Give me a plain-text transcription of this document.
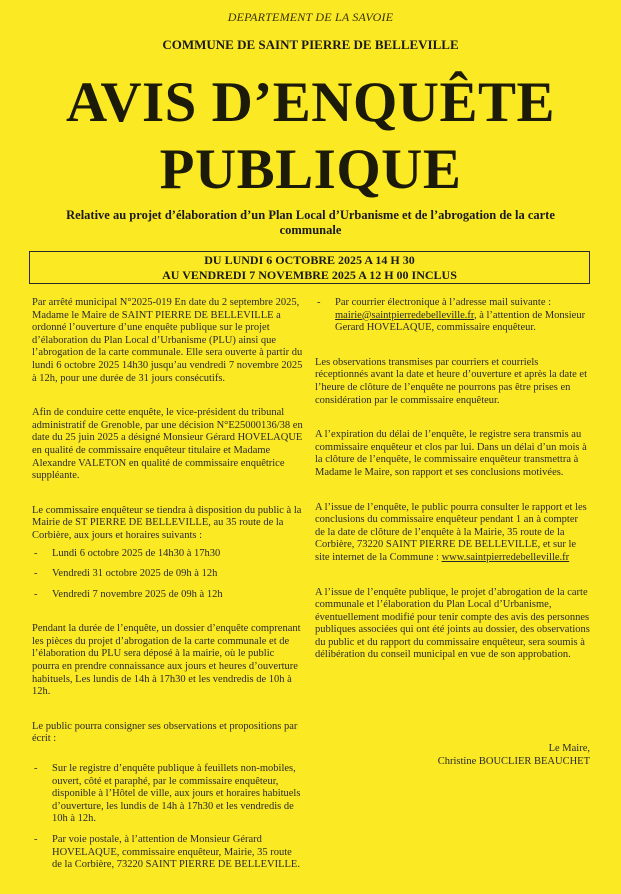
DEPARTEMENT DE LA SAVOIE
COMMUNE DE SAINT PIERRE DE BELLEVILLE
AVIS D’ENQUÊTE
PUBLIQUE
Relative au projet d’élaboration d’un Plan Local d’Urbanisme et de l’abrogation de la carte communale
DU LUNDI 6 OCTOBRE 2025 A 14 H 30
AU VENDREDI 7 NOVEMBRE 2025 A 12 H 00 INCLUS

Par arrêté municipal N°2025-019 En date du 2 septembre 2025, Madame le Maire de SAINT PIERRE DE BELLEVILLE a ordonné l’ouverture d’une enquête publique sur le projet d’élaboration du Plan Local d’Urbanisme (PLU) ainsi que l’abrogation de la carte communale. Elle sera ouverte à partir du lundi 6 octobre 2025 14h30 jusqu’au vendredi 7 novembre 2025 à 12h, pour une durée de 31 jours consécutifs.

Afin de conduire cette enquête, le vice-président du tribunal administratif de Grenoble, par une décision N°E25000136/38 en date du 25 juin 2025 a désigné Monsieur Gérard HOVELAQUE en qualité de commissaire enquêteur titulaire et Madame Alexandre VALETON en qualité de commissaire enquêtrice suppléante.

Le commissaire enquêteur se tiendra à disposition du public à la Mairie de ST PIERRE DE BELLEVILLE, au 35 route de la Corbière, aux jours et horaires suivants :

- Lundi 6 octobre 2025 de 14h30 à 17h30
- Vendredi 31 octobre 2025 de 09h à 12h
- Vendredi 7 novembre 2025 de 09h à 12h

Pendant la durée de l’enquête, un dossier d’enquête comprenant les pièces du projet d’abrogation de la carte communale et de l’élaboration du PLU sera déposé à la mairie, où le public pourra en prendre connaissance aux jours et heures d’ouverture habituels, Les lundis de 14h à 17h30 et les vendredis de 10h à 12h.

Le public pourra consigner ses observations et propositions par écrit :

- Sur le registre d’enquête publique à feuillets non-mobiles, ouvert, côté et paraphé, par le commissaire enquêteur, disponible à l’Hôtel de ville, aux jours et horaires habituels d’ouverture, les lundis de 14h à 17h30 et les vendredis de 10h à 12h.
- Par voie postale, à l’attention de Monsieur Gérard HOVELAQUE, commissaire enquêteur, Mairie, 35 route de la Corbière, 73220 SAINT PIERRE DE BELLEVILLE.
- Par courrier électronique à l’adresse mail suivante : mairie@saintpierredebelleville.fr, à l’attention de Monsieur Gerard HOVELAQUE, commissaire enquêteur.

Les observations transmises par courriers et courriels réceptionnés avant la date et heure d’ouverture et après la date et l’heure de clôture de l’enquête ne pourrons pas être prises en considération par le commissaire enquêteur.

A l’expiration du délai de l’enquête, le registre sera transmis au commissaire enquêteur et clos par lui. Dans un délai d’un mois à la clôture de l’enquête, le commissaire enquêteur transmettra à Madame le Maire, son rapport et ses conclusions motivées.

A l’issue de l’enquête, le public pourra consulter le rapport et les conclusions du commissaire enquêteur pendant 1 an à compter de la date de clôture de l’enquête à la Mairie, 35 route de la Corbière, 73220 SAINT PIERRE DE BELLEVILLE, et sur le site internet de la Commune : www.saintpierredebelleville.fr

A l’issue de l’enquête publique, le projet d’abrogation de la carte communale et l’élaboration du Plan Local d’Urbanisme, éventuellement modifié pour tenir compte des avis des personnes publiques associées qui ont été joints au dossier, des observations du public et du rapport du commissaire enquêteur, sera soumis à délibération du conseil municipal en vue de son approbation.

Le Maire,
Christine BOUCLIER BEAUCHET
